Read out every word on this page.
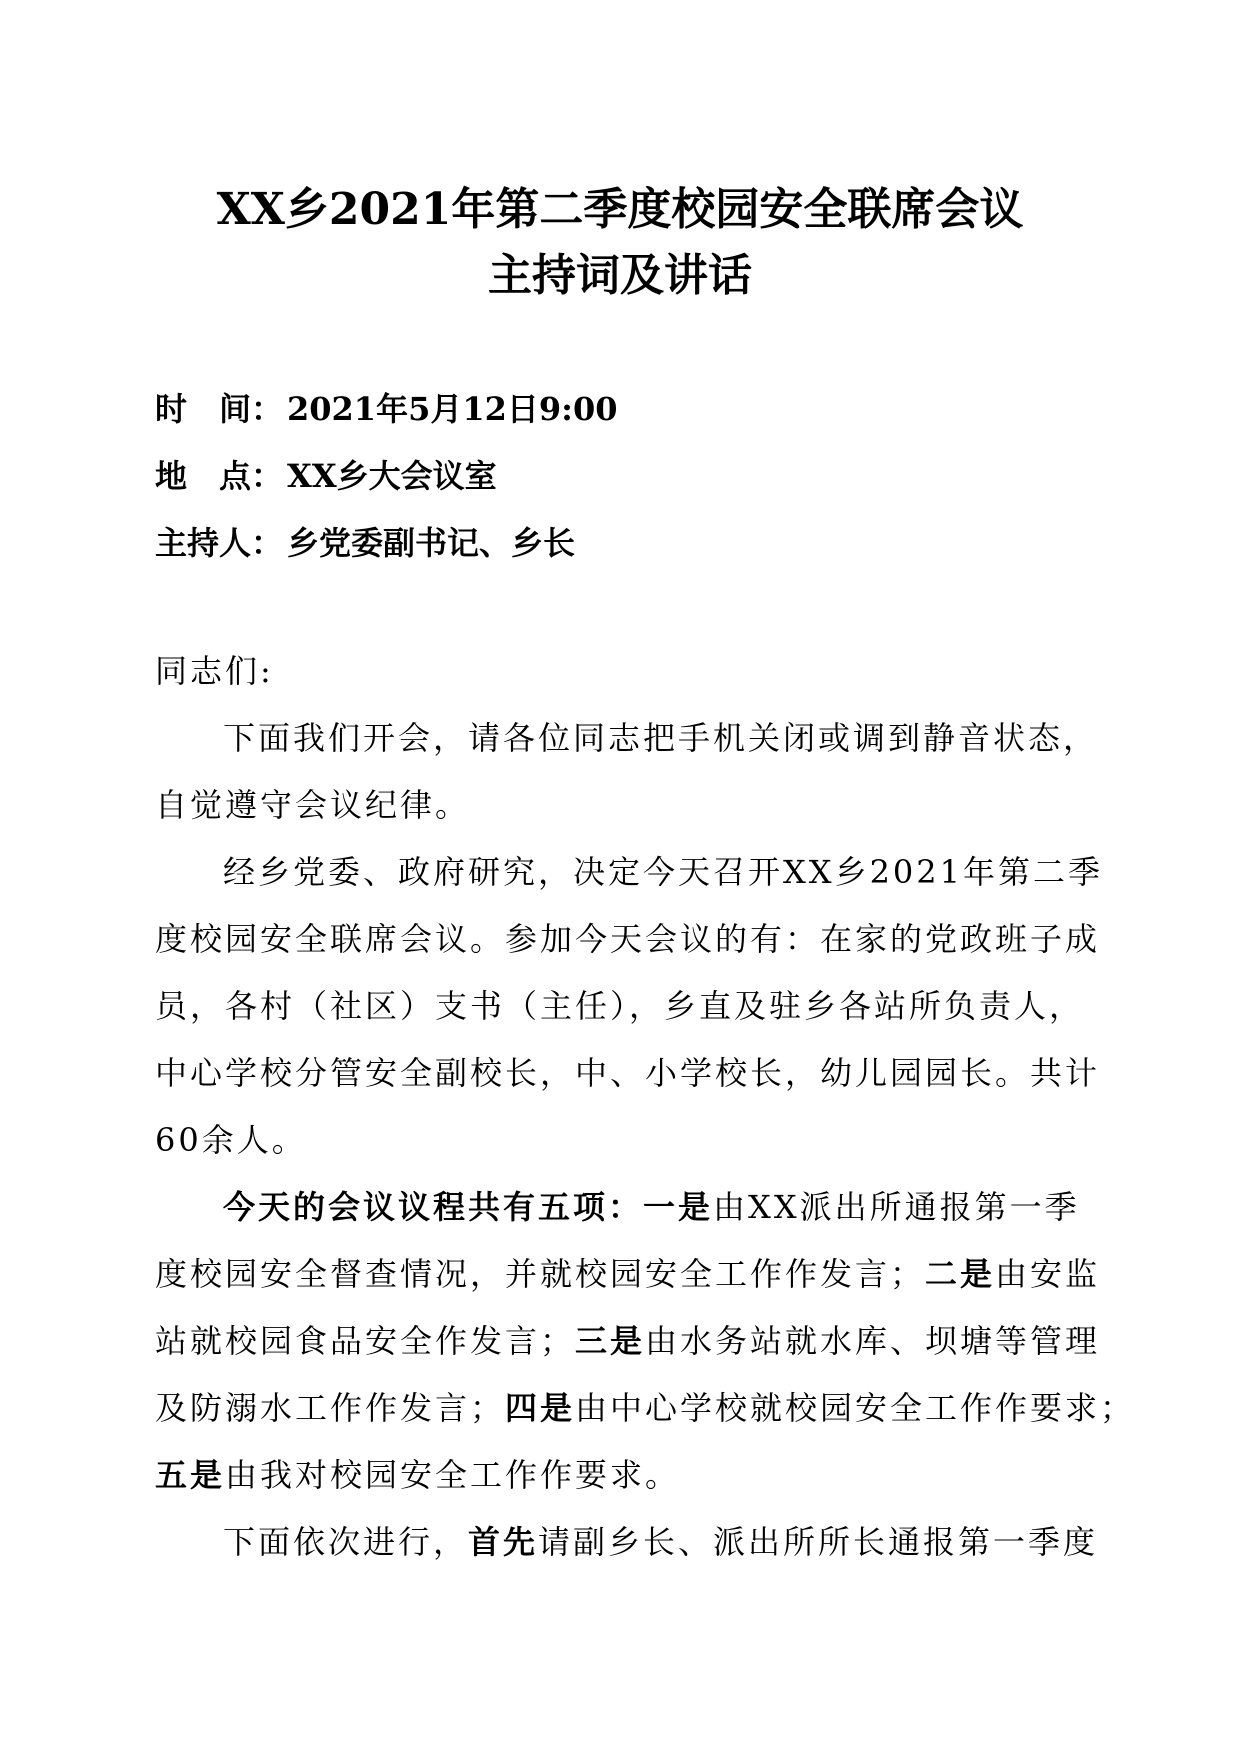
XX乡2021年第二季度校园安全联席会议
主持词及讲话
时　间： 2021年5月12日9:00
地　点： XX乡大会议室
主持人： 乡党委副书记、乡长
同志们:
下面我们开会，请各位同志把手机关闭或调到静音状态，
自觉遵守会议纪律。
经乡党委、政府研究，决定今天召开XX乡2021年第二季
度校园安全联席会议。参加今天会议的有：在家的党政班子成
员，各村（社区）支书（主任），乡直及驻乡各站所负责人，
中心学校分管安全副校长，中、小学校长，幼儿园园长。共计
60余人。
今天的会议议程共有五项：一是由XX派出所通报第一季
度校园安全督查情况，并就校园安全工作作发言；二是由安监
站就校园食品安全作发言；三是由水务站就水库、坝塘等管理
及防溺水工作作发言；四是由中心学校就校园安全工作作要求；
五是由我对校园安全工作作要求。
下面依次进行，首先请副乡长、派出所所长通报第一季度
